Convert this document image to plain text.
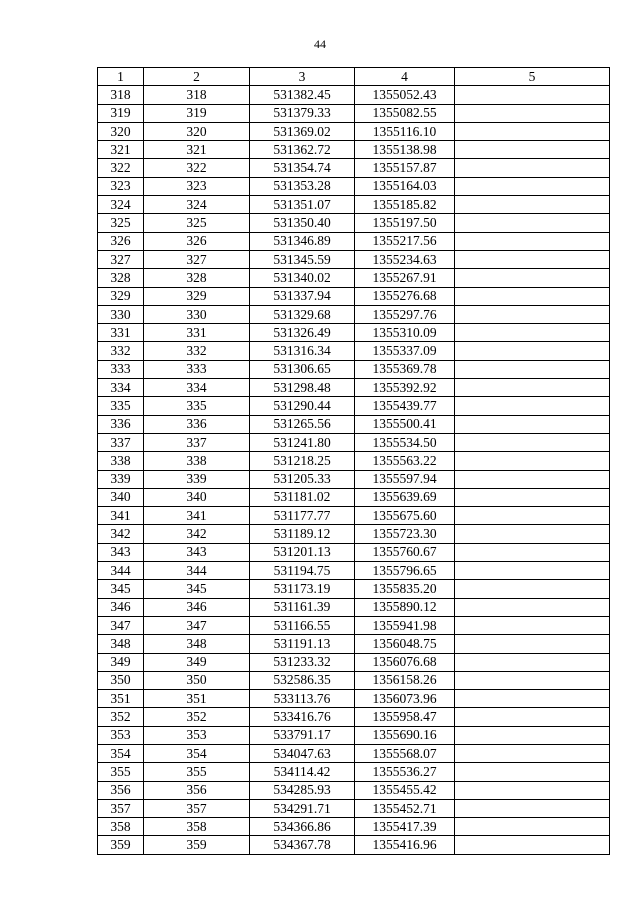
44
1	2	3	4	5
318	318	531382.45	1355052.43	
319	319	531379.33	1355082.55	
320	320	531369.02	1355116.10	
321	321	531362.72	1355138.98	
322	322	531354.74	1355157.87	
323	323	531353.28	1355164.03	
324	324	531351.07	1355185.82	
325	325	531350.40	1355197.50	
326	326	531346.89	1355217.56	
327	327	531345.59	1355234.63	
328	328	531340.02	1355267.91	
329	329	531337.94	1355276.68	
330	330	531329.68	1355297.76	
331	331	531326.49	1355310.09	
332	332	531316.34	1355337.09	
333	333	531306.65	1355369.78	
334	334	531298.48	1355392.92	
335	335	531290.44	1355439.77	
336	336	531265.56	1355500.41	
337	337	531241.80	1355534.50	
338	338	531218.25	1355563.22	
339	339	531205.33	1355597.94	
340	340	531181.02	1355639.69	
341	341	531177.77	1355675.60	
342	342	531189.12	1355723.30	
343	343	531201.13	1355760.67	
344	344	531194.75	1355796.65	
345	345	531173.19	1355835.20	
346	346	531161.39	1355890.12	
347	347	531166.55	1355941.98	
348	348	531191.13	1356048.75	
349	349	531233.32	1356076.68	
350	350	532586.35	1356158.26	
351	351	533113.76	1356073.96	
352	352	533416.76	1355958.47	
353	353	533791.17	1355690.16	
354	354	534047.63	1355568.07	
355	355	534114.42	1355536.27	
356	356	534285.93	1355455.42	
357	357	534291.71	1355452.71	
358	358	534366.86	1355417.39	
359	359	534367.78	1355416.96	
